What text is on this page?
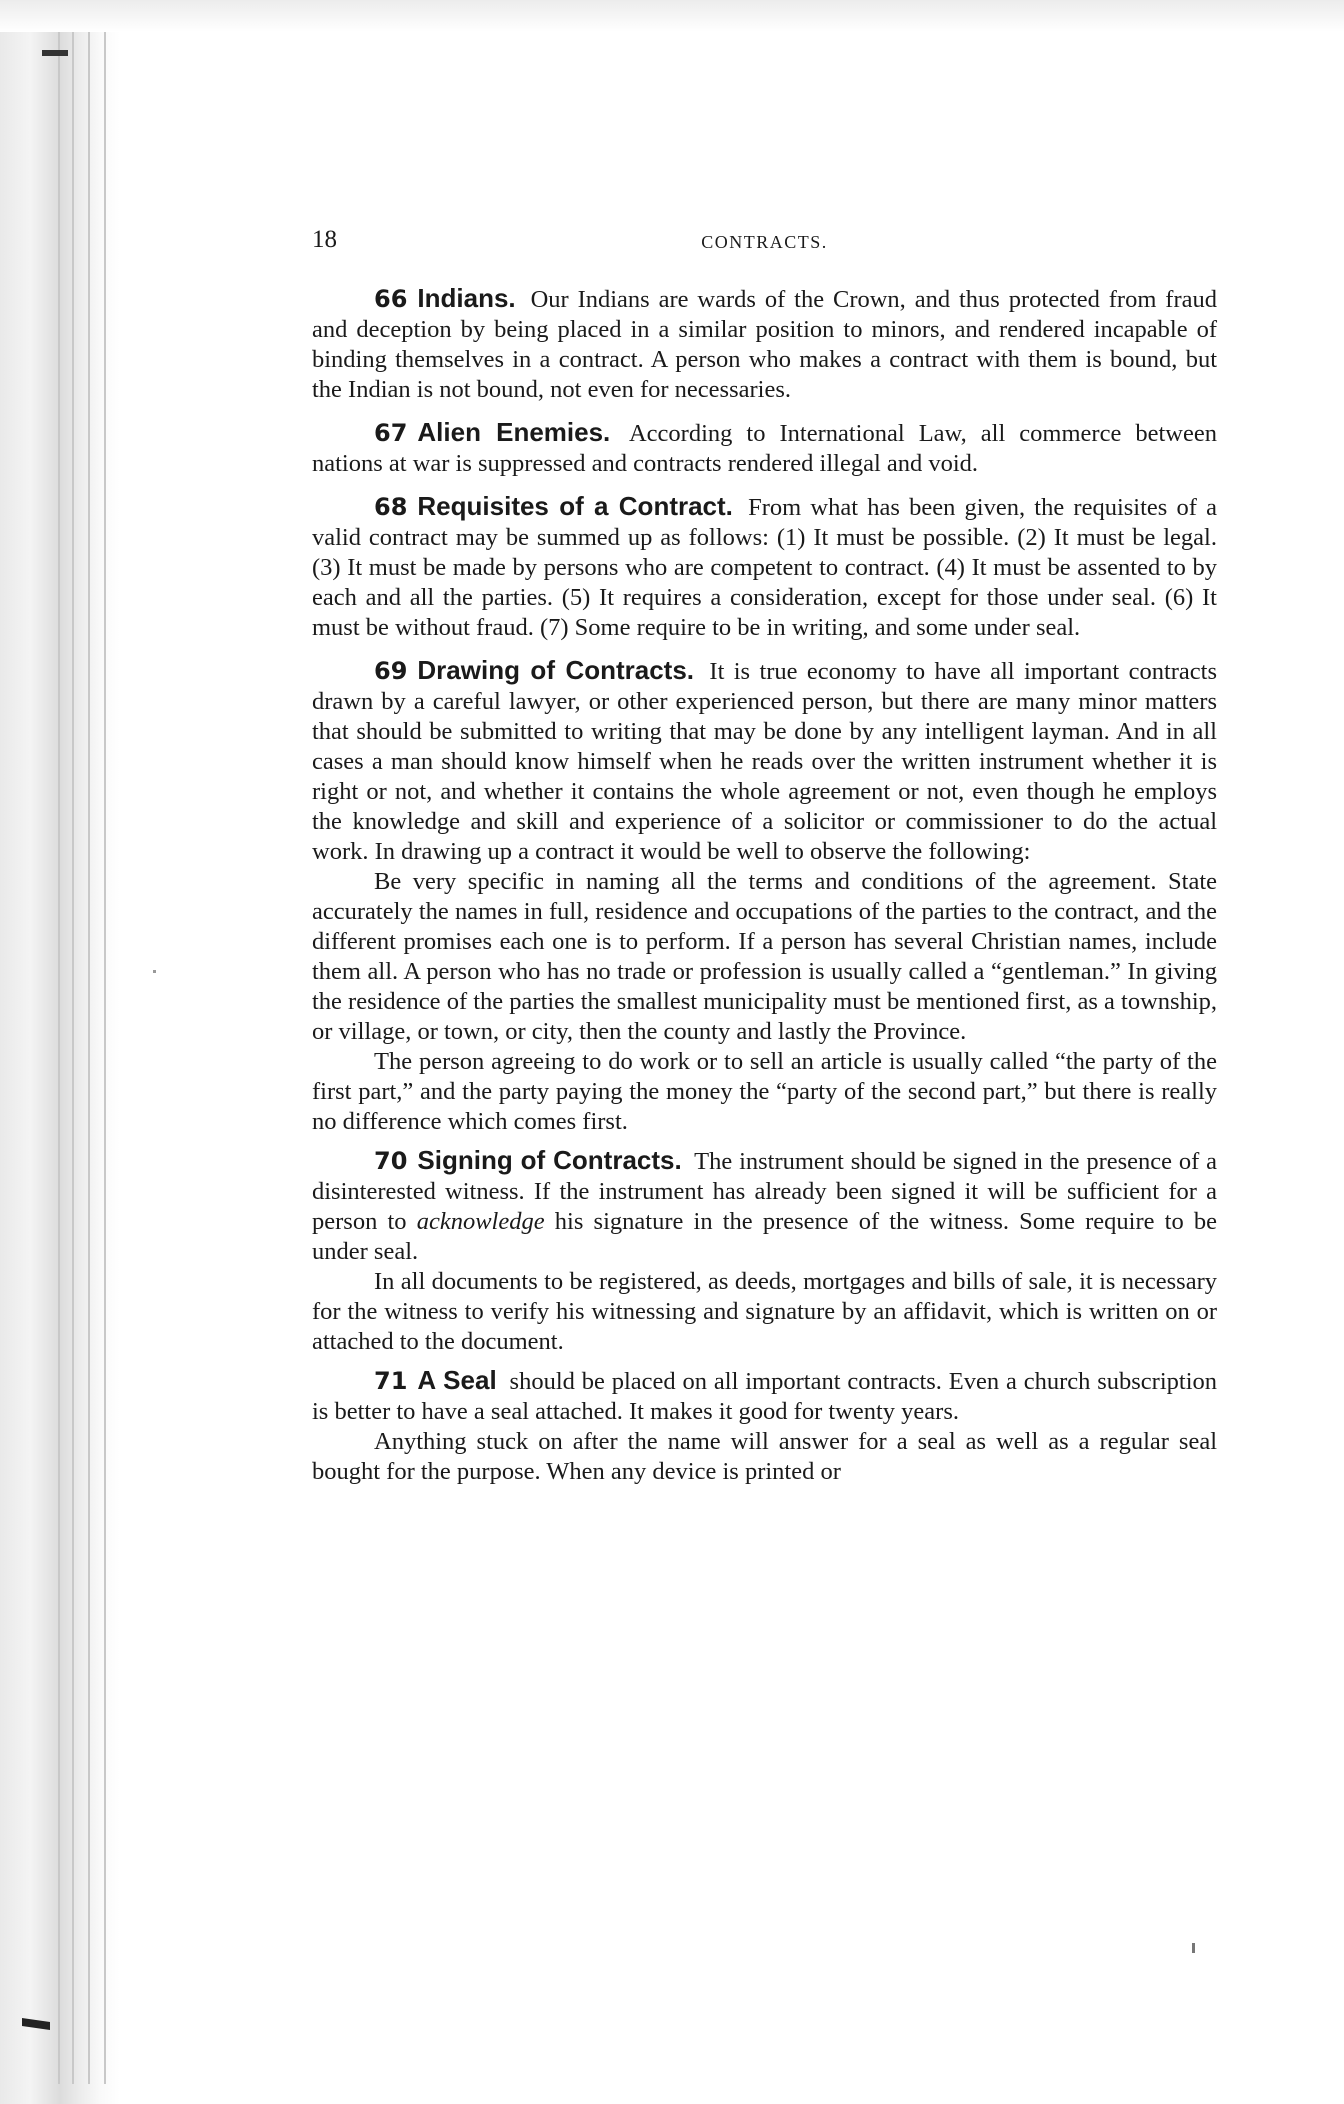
18	CONTRACTS.

66 Indians. Our Indians are wards of the Crown, and thus protected from fraud and deception by being placed in a similar position to minors, and rendered incapable of binding themselves in a contract. A person who makes a contract with them is bound, but the Indian is not bound, not even for necessaries.

67 Alien Enemies. According to International Law, all commerce between nations at war is suppressed and contracts rendered illegal and void.

68 Requisites of a Contract. From what has been given, the requisites of a valid contract may be summed up as follows: (1) It must be possible. (2) It must be legal. (3) It must be made by persons who are competent to contract. (4) It must be assented to by each and all the parties. (5) It requires a consideration, except for those under seal. (6) It must be without fraud. (7) Some require to be in writing, and some under seal.

69 Drawing of Contracts. It is true economy to have all important contracts drawn by a careful lawyer, or other experienced person, but there are many minor matters that should be submitted to writing that may be done by any intelligent layman. And in all cases a man should know himself when he reads over the written instrument whether it is right or not, and whether it contains the whole agreement or not, even though he employs the knowledge and skill and experience of a solicitor or commissioner to do the actual work. In drawing up a contract it would be well to observe the following:

Be very specific in naming all the terms and conditions of the agreement. State accurately the names in full, residence and occupations of the parties to the contract, and the different promises each one is to perform. If a person has several Christian names, include them all. A person who has no trade or profession is usually called a “gentleman.” In giving the residence of the parties the smallest municipality must be mentioned first, as a township, or village, or town, or city, then the county and lastly the Province.

The person agreeing to do work or to sell an article is usually called “the party of the first part,” and the party paying the money the “party of the second part,” but there is really no difference which comes first.

70 Signing of Contracts. The instrument should be signed in the presence of a disinterested witness. If the instrument has already been signed it will be sufficient for a person to acknowledge his signature in the presence of the witness. Some require to be under seal.

In all documents to be registered, as deeds, mortgages and bills of sale, it is necessary for the witness to verify his witnessing and signature by an affidavit, which is written on or attached to the document.

71 A Seal should be placed on all important contracts. Even a church subscription is better to have a seal attached. It makes it good for twenty years.

Anything stuck on after the name will answer for a seal as well as a regular seal bought for the purpose. When any device is printed or
